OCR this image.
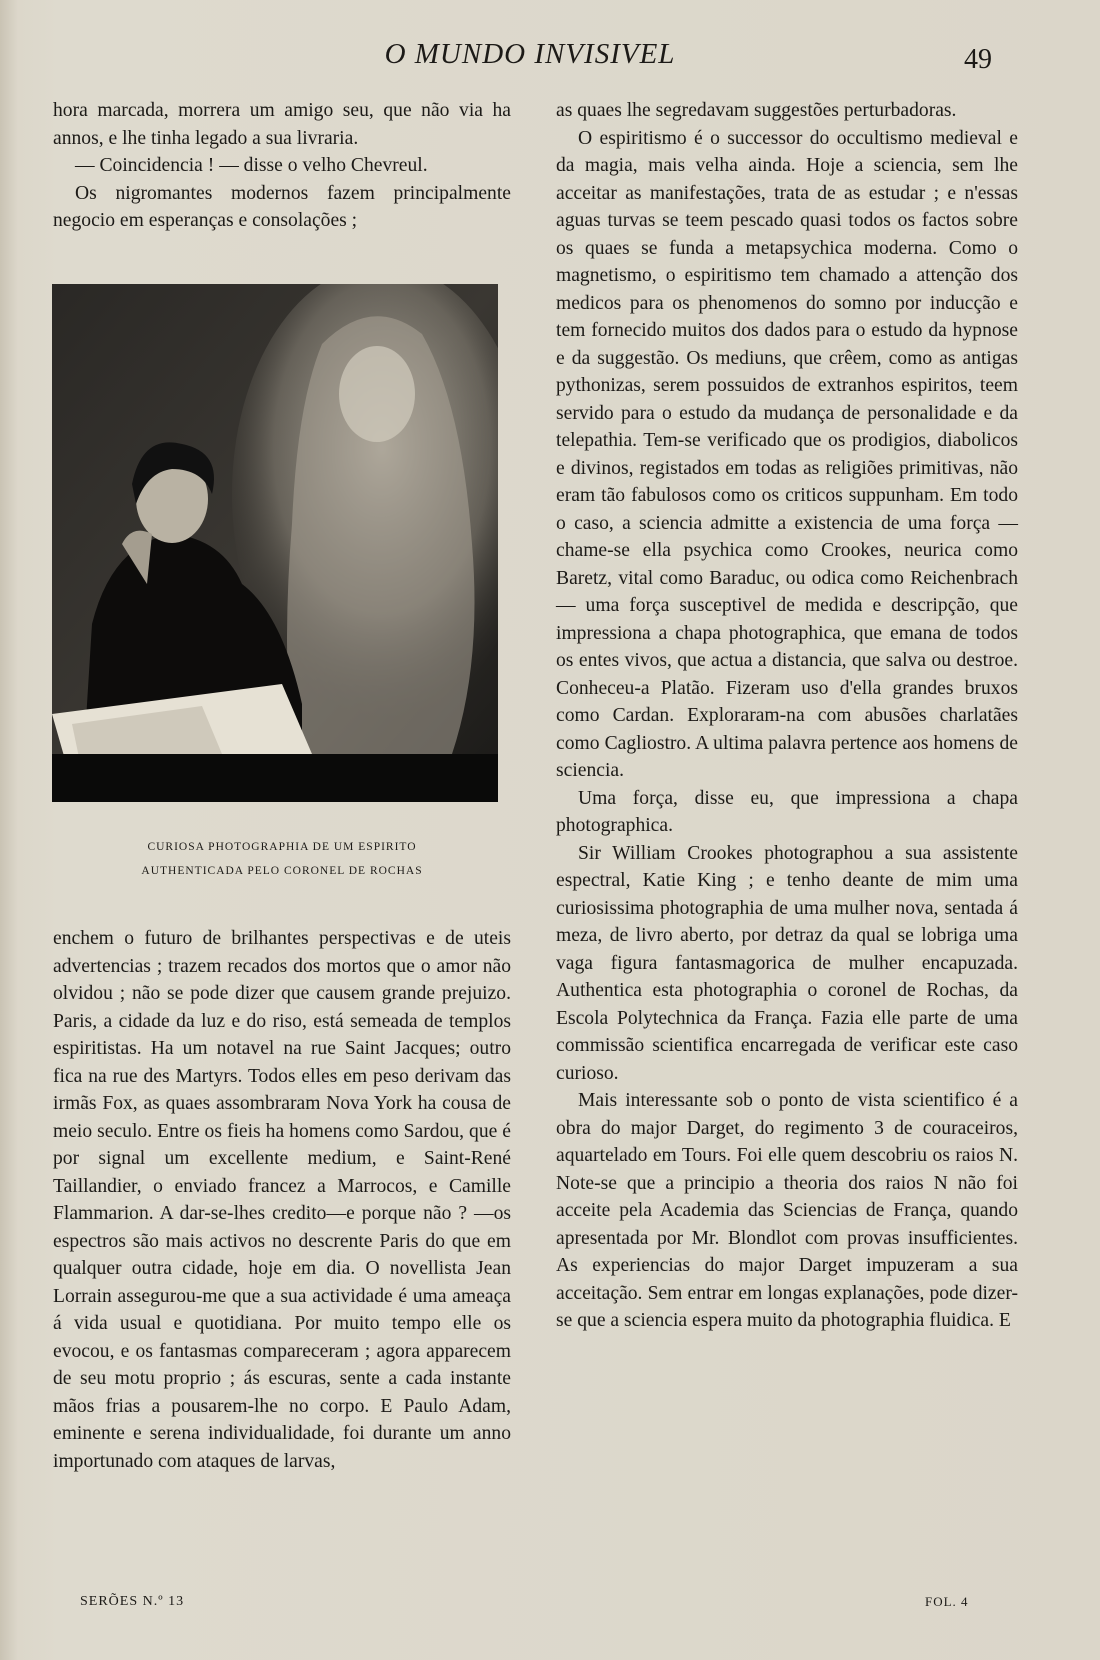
O MUNDO INVISIVEL	49

hora marcada, morrera um amigo seu, que não via ha annos, e lhe tinha legado a sua livraria.

— Coincidencia ! — disse o velho Chevreul.

Os nigromantes modernos fazem principalmente negocio em esperanças e consolações ;

CURIOSA PHOTOGRAPHIA DE UM ESPIRITO
AUTHENTICADA PELO CORONEL DE ROCHAS

enchem o futuro de brilhantes perspectivas e de uteis advertencias ; trazem recados dos mortos que o amor não olvidou ; não se pode dizer que causem grande prejuizo. Paris, a cidade da luz e do riso, está semeada de templos espiritistas. Ha um notavel na rue Saint Jacques; outro fica na rue des Martyrs. Todos elles em peso derivam das irmãs Fox, as quaes assombraram Nova York ha cousa de meio seculo. Entre os fieis ha homens como Sardou, que é por signal um excellente medium, e Saint-René Taillandier, o enviado francez a Marrocos, e Camille Flammarion. A dar-se-lhes credito—e porque não ? —os espectros são mais activos no descrente Paris do que em qualquer outra cidade, hoje em dia. O novellista Jean Lorrain assegurou-me que a sua actividade é uma ameaça á vida usual e quotidiana. Por muito tempo elle os evocou, e os fantasmas compareceram ; agora apparecem de seu motu proprio ; ás escuras, sente a cada instante mãos frias a pousarem-lhe no corpo. E Paulo Adam, eminente e serena individualidade, foi durante um anno importunado com ataques de larvas,

as quaes lhe segredavam suggestões perturbadoras.

O espiritismo é o successor do occultismo medieval e da magia, mais velha ainda. Hoje a sciencia, sem lhe acceitar as manifestações, trata de as estudar ; e n'essas aguas turvas se teem pescado quasi todos os factos sobre os quaes se funda a metapsychica moderna. Como o magnetismo, o espiritismo tem chamado a attenção dos medicos para os phenomenos do somno por inducção e tem fornecido muitos dos dados para o estudo da hypnose e da suggestão. Os mediuns, que crêem, como as antigas pythonizas, serem possuidos de extranhos espiritos, teem servido para o estudo da mudança de personalidade e da telepathia. Tem-se verificado que os prodigios, diabolicos e divinos, registados em todas as religiões primitivas, não eram tão fabulosos como os criticos suppunham. Em todo o caso, a sciencia admitte a existencia de uma força — chame-se ella psychica como Crookes, neurica como Baretz, vital como Baraduc, ou odica como Reichenbrach — uma força susceptivel de medida e descripção, que impressiona a chapa photographica, que emana de todos os entes vivos, que actua a distancia, que salva ou destroe. Conheceu-a Platão. Fizeram uso d'ella grandes bruxos como Cardan. Exploraram-na com abusões charlatães como Cagliostro. A ultima palavra pertence aos homens de sciencia.

Uma força, disse eu, que impressiona a chapa photographica.

Sir William Crookes photographou a sua assistente espectral, Katie King ; e tenho deante de mim uma curiosissima photographia de uma mulher nova, sentada á meza, de livro aberto, por detraz da qual se lobriga uma vaga figura fantasmagorica de mulher encapuzada. Authentica esta photographia o coronel de Rochas, da Escola Polytechnica da França. Fazia elle parte de uma commissão scientifica encarregada de verificar este caso curioso.

Mais interessante sob o ponto de vista scientifico é a obra do major Darget, do regimento 3 de couraceiros, aquartelado em Tours. Foi elle quem descobriu os raios N. Note-se que a principio a theoria dos raios N não foi acceite pela Academia das Sciencias de França, quando apresentada por Mr. Blondlot com provas insufficientes. As experiencias do major Darget impuzeram a sua acceitação. Sem entrar em longas explanações, pode dizer-se que a sciencia espera muito da photographia fluidica. E

SERÕES N.º 13	FOL. 4
